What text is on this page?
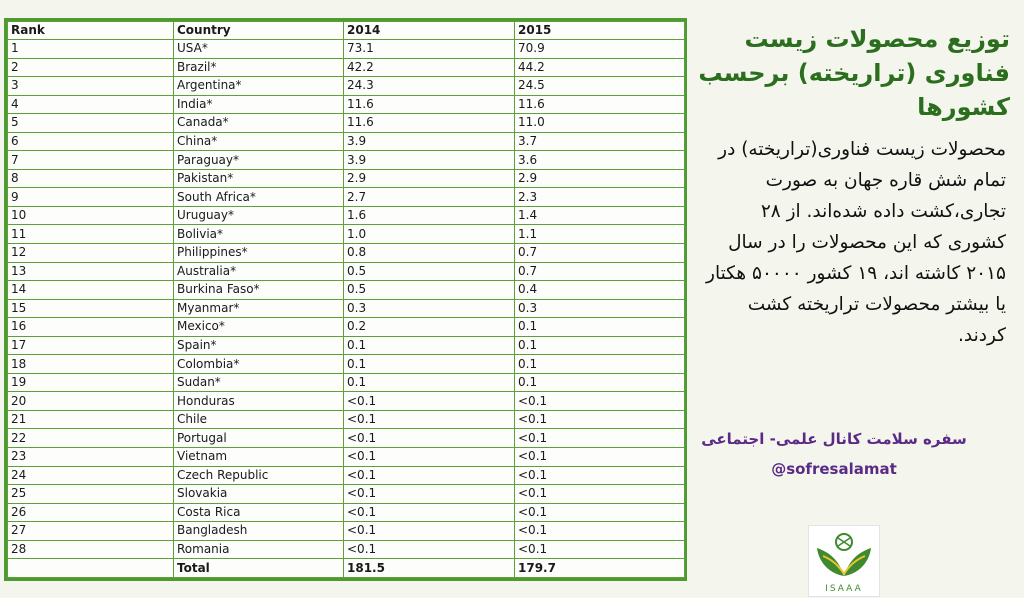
Rank	Country	2014	2015
1	USA*	73.1	70.9
2	Brazil*	42.2	44.2
3	Argentina*	24.3	24.5
4	India*	11.6	11.6
5	Canada*	11.6	11.0
6	China*	3.9	3.7
7	Paraguay*	3.9	3.6
8	Pakistan*	2.9	2.9
9	South Africa*	2.7	2.3
10	Uruguay*	1.6	1.4
11	Bolivia*	1.0	1.1
12	Philippines*	0.8	0.7
13	Australia*	0.5	0.7
14	Burkina Faso*	0.5	0.4
15	Myanmar*	0.3	0.3
16	Mexico*	0.2	0.1
17	Spain*	0.1	0.1
18	Colombia*	0.1	0.1
19	Sudan*	0.1	0.1
20	Honduras	<0.1	<0.1
21	Chile	<0.1	<0.1
22	Portugal	<0.1	<0.1
23	Vietnam	<0.1	<0.1
24	Czech Republic	<0.1	<0.1
25	Slovakia	<0.1	<0.1
26	Costa Rica	<0.1	<0.1
27	Bangladesh	<0.1	<0.1
28	Romania	<0.1	<0.1
	Total	181.5	179.7
توزیع محصولات زیست فناوری (تراریخته) برحسب کشورها
محصولات زیست فناوری(تراریخته) در تمام شش قاره جهان به صورت تجاری،کشت داده شده‌اند. از ۲۸ کشوری که این محصولات را در سال ۲۰۱۵ کاشته اند، ۱۹ کشور ۵۰۰۰۰ هکتار یا بیشتر محصولات تراریخته کشت کردند.
سفره سلامت کانال علمی- اجتماعی
@sofresalamat
ISAAA
